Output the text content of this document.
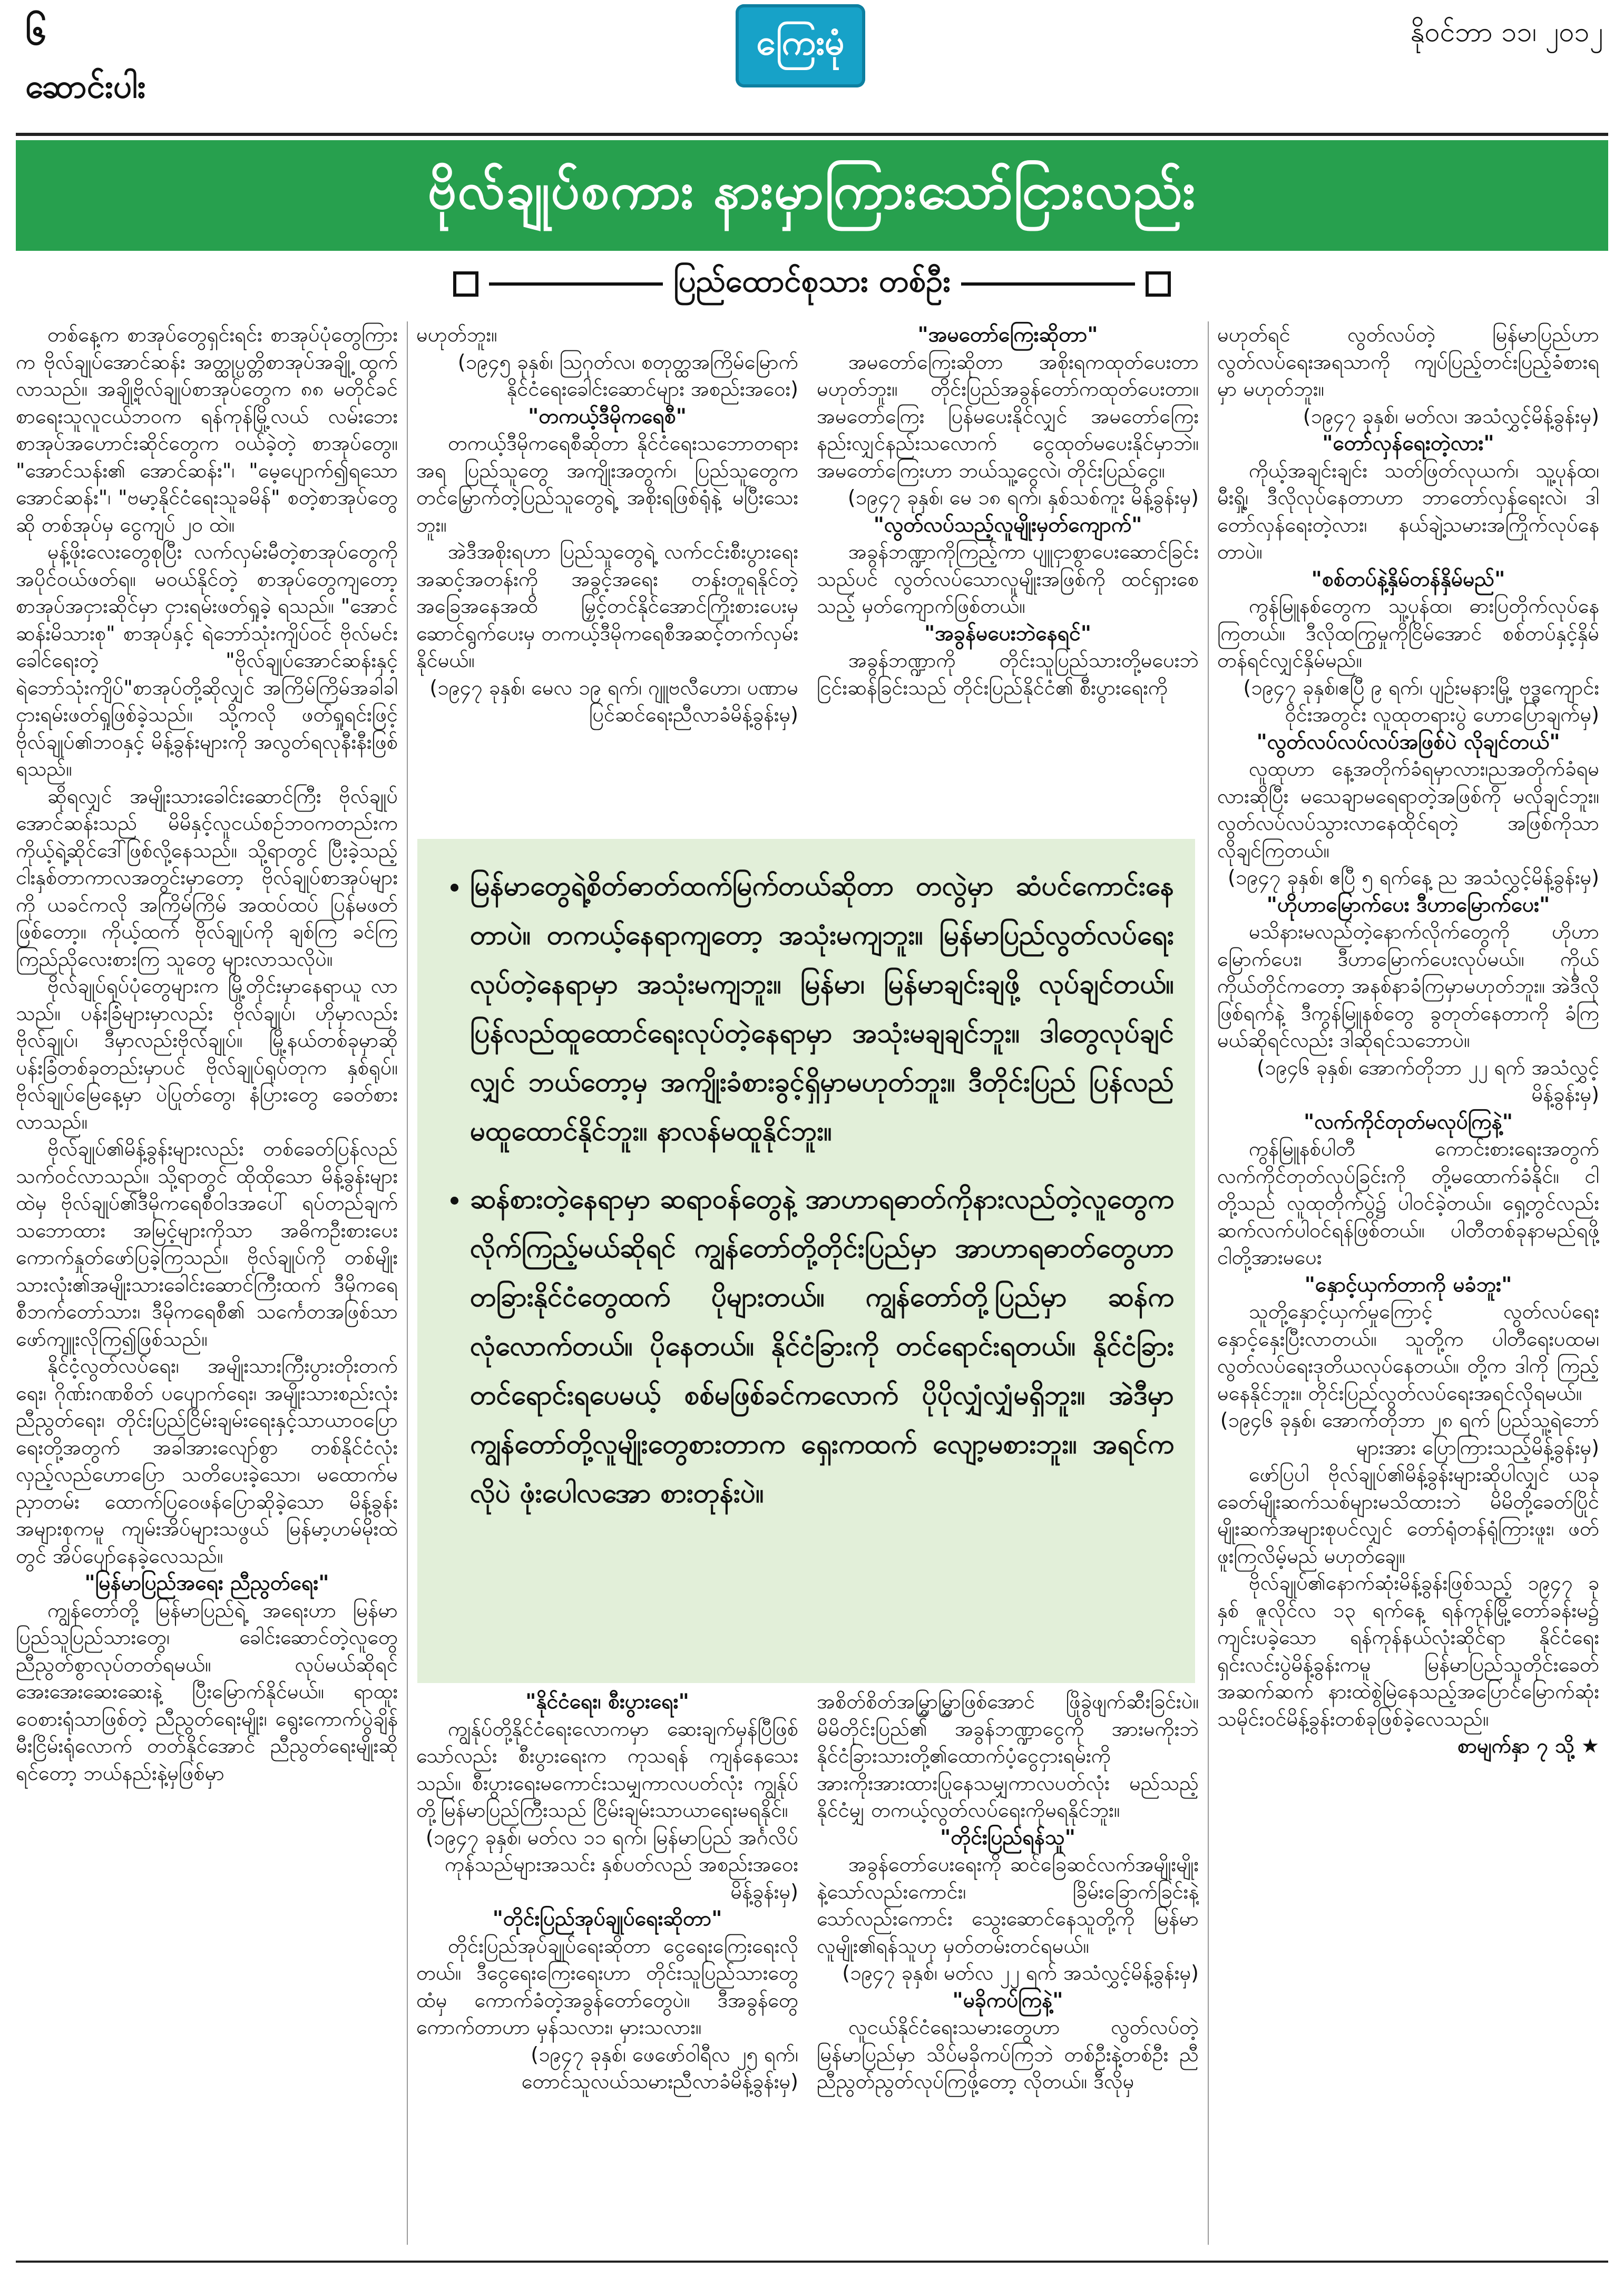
၆
ဆောင်းပါး
ကြေးမုံ	နိုဝင်ဘာ ၁၁၊ ၂၀၁၂
ဗိုလ်ချုပ်စကား နားမှာကြားသော်ငြားလည်း
ပြည်ထောင်စုသား တစ်ဦး

တစ်နေ့က စာအုပ်တွေရှင်းရင်း စာအုပ်ပုံတွေကြားက ဗိုလ်ချုပ်အောင်ဆန်း အတ္ထုပ္ပတ္တိစာအုပ်အချို့ ထွက်လာသည်။ အချို့ဗိုလ်ချုပ်စာအုပ်တွေက ၈၈ မတိုင်ခင် စာရေးသူလူငယ်ဘဝက ရန်ကုန်မြို့လယ် လမ်းဘေးစာအုပ်အဟောင်းဆိုင်တွေက ဝယ်ခဲ့တဲ့ စာအုပ်တွေ။ "အောင်သန်း၏ အောင်ဆန်း"၊ "မေ့ပျောက်၍ရသောအောင်ဆန်း"၊ "ဗမာ့နိုင်ငံရေးသူခမိန်" စတဲ့စာအုပ်တွေဆို တစ်အုပ်မှ ငွေကျပ် ၂၀ ထဲ။

မုန့်ဖိုးလေးတွေစုပြီး လက်လှမ်းမီတဲ့စာအုပ်တွေကို အပိုင်ဝယ်ဖတ်ရ။ မဝယ်နိုင်တဲ့ စာအုပ်တွေကျတော့ စာအုပ်အငှားဆိုင်မှာ ငှားရမ်းဖတ်ရှုခဲ့ ရသည်။ "အောင်ဆန်းမိသားစု" စာအုပ်နှင့် ရဲဘော်သုံးကျိပ်ဝင် ဗိုလ်မင်းခေါင်ရေးတဲ့ "ဗိုလ်ချုပ်အောင်ဆန်းနှင့် ရဲဘော်သုံးကျိပ်"စာအုပ်တို့ဆိုလျှင် အကြိမ်ကြိမ်အခါခါ ငှားရမ်းဖတ်ရှုဖြစ်ခဲ့သည်။ သို့ကလို ဖတ်ရှုရင်းဖြင့် ဗိုလ်ချုပ်၏ဘဝနှင့် မိန့်ခွန်းများကို အလွတ်ရလုနီးနီးဖြစ်ရသည်။

ဆိုရလျှင် အမျိုးသားခေါင်းဆောင်ကြီး ဗိုလ်ချုပ်အောင်ဆန်းသည် မိမိနှင့်လူငယ်စဉ်ဘဝကတည်းက ကိုယ့်ရဲ့ဆိုင်ဒေါ်ဖြစ်လို့နေသည်။ သို့ရာတွင် ပြီးခဲ့သည့် ငါးနှစ်တာကာလအတွင်းမှာတော့ ဗိုလ်ချုပ်စာအုပ်များကို ယခင်ကလို အကြိမ်ကြိမ် အထပ်ထပ် ပြန်မဖတ်ဖြစ်တော့။ ကိုယ့်ထက် ဗိုလ်ချုပ်ကို ချစ်ကြ ခင်ကြ ကြည်ညိုလေးစားကြ သူတွေ များလာသလိုပဲ။

ဗိုလ်ချုပ်ရုပ်ပုံတွေများက မြို့တိုင်းမှာနေရာယူ လာသည်။ ပန်းခြံများမှာလည်း ဗိုလ်ချုပ်၊ ဟိုမှာလည်း ဗိုလ်ချုပ်၊ ဒီမှာလည်းဗိုလ်ချုပ်။ မြို့နယ်တစ်ခုမှာဆို ပန်းခြံတစ်ခုတည်းမှာပင် ဗိုလ်ချုပ်ရုပ်တုက နှစ်ရုပ်။ ဗိုလ်ချုပ်မြေနေ့မှာ ပဲပြုတ်တွေ၊ နံပြားတွေ ခေတ်စားလာသည်။

ဗိုလ်ချုပ်၏မိန့်ခွန်းများလည်း တစ်ခေတ်ပြန်လည်သက်ဝင်လာသည်။ သို့ရာတွင် ထိုထိုသော မိန့်ခွန်းများထဲမှ ဗိုလ်ချုပ်၏ဒီမိုကရေစီဝါဒအပေါ် ရပ်တည်ချက်သဘောထား အမြင့်များကိုသာ အဓိကဦးစားပေး ကောက်နှုတ်ဖော်ပြခဲ့ကြသည်။ ဗိုလ်ချုပ်ကို တစ်မျိုးသားလုံး၏အမျိုးသားခေါင်းဆောင်ကြီးထက် ဒီမိုကရေစီဘက်တော်သား၊ ဒီမိုကရေစီ၏ သင်္ကေတအဖြစ်သာ ဖော်ကျူးလိုကြ၍ဖြစ်သည်။

နိုင်ငံ့လွတ်လပ်ရေး၊ အမျိုးသားကြီးပွားတိုးတက်ရေး၊ ဂိုဏ်းဂဏစိတ် ပပျောက်ရေး၊ အမျိုးသားစည်းလုံးညီညွတ်ရေး၊ တိုင်းပြည်ငြိမ်းချမ်းရေးနှင့်သာယာဝပြောရေးတို့အတွက် အခါအားလျော်စွာ တစ်နိုင်ငံလုံးလှည့်လည်ဟောပြော သတိပေးခဲ့သော၊ မထောက်မညှာတမ်း ထောက်ပြဝေဖန်ပြောဆိုခဲ့သော မိန့်ခွန်းအများစုကမူ ကျမ်းအိပ်များသဖွယ် မြန်မာ့ဟမ်မိုးထဲတွင် အိပ်ပျော်နေခဲ့လေသည်။

"မြန်မာပြည်အရေး ညီညွတ်ရေး"

ကျွန်တော်တို့ မြန်မာပြည်ရဲ့ အရေးဟာ မြန်မာပြည်သူပြည်သားတွေ၊ ခေါင်းဆောင်တဲ့လူတွေ ညီညွတ်စွာလုပ်တတ်ရမယ်။ လုပ်မယ်ဆိုရင် အေးအေးဆေးဆေးနဲ့ ပြီးမြောက်နိုင်မယ်။ ရာထူးဝေစားရုံသာဖြစ်တဲ့ ညီညွတ်ရေးမျိုး၊ ရွေးကောက်ပွဲချိန် မီးငြိမ်းရုံလောက် တတ်နိုင်အောင် ညီညွတ်ရေးမျိုးဆိုရင်တော့ ဘယ်နည်းနဲ့မှဖြစ်မှာ

မဟုတ်ဘူး။

(၁၉၄၅ ခုနှစ်၊ ဩဂုတ်လ၊ စတုတ္ထအကြိမ်မြောက် နိုင်ငံရေးခေါင်းဆောင်များ အစည်းအဝေး)

"တကယ့်ဒီမိုကရေစီ"

တကယ့်ဒီမိုကရေစီဆိုတာ နိုင်ငံရေးသဘောတရားအရ ပြည်သူတွေ အကျိုးအတွက်၊ ပြည်သူတွေက တင်မြှောက်တဲ့ပြည်သူတွေရဲ့ အစိုးရဖြစ်ရုံနဲ့ မပြီးသေးဘူး။

အဲဒီအစိုးရဟာ ပြည်သူတွေရဲ့ လက်ငင်းစီးပွားရေးအဆင့်အတန်းကို အခွင့်အရေး တန်းတူရနိုင်တဲ့ အခြေအနေအထိ မြှင့်တင်နိုင်အောင်ကြိုးစားပေးမှ ဆောင်ရွက်ပေးမှ တကယ့်ဒီမိုကရေစီအဆင့်တက်လှမ်းနိုင်မယ်။

(၁၉၄၇ ခုနှစ်၊ မေလ ၁၉ ရက်၊ ဂျူဗလီဟော၊ ပဏာမပြင်ဆင်ရေးညီလာခံမိန့်ခွန်းမှ)

"အမတော်ကြေးဆိုတာ"

အမတော်ကြေးဆိုတာ အစိုးရကထုတ်ပေးတာ မဟုတ်ဘူး။ တိုင်းပြည်အခွန်တော်ကထုတ်ပေးတာ။ အမတော်ကြေး ပြန်မပေးနိုင်လျှင် အမတော်ကြေး နည်းလျှင်နည်းသလောက် ငွေထုတ်မပေးနိုင်မှာဘဲ။ အမတော်ကြေးဟာ ဘယ်သူ့ငွေလဲ၊ တိုင်းပြည်ငွေ။

(၁၉၄၇ ခုနှစ်၊ မေ ၁၈ ရက်၊ နှစ်သစ်ကူး မိန့်ခွန်းမှ)

"လွတ်လပ်သည့်လူမျိုးမှတ်ကျောက်"

အခွန်ဘဏ္ဍာကိုကြည့်ကာ ပျူငှာစွာပေးဆောင်ခြင်းသည်ပင် လွတ်လပ်သောလူမျိုးအဖြစ်ကို ထင်ရှားစေသည့် မှတ်ကျောက်ဖြစ်တယ်။

"အခွန်မပေးဘဲနေရင်"

အခွန်ဘဏ္ဍာကို တိုင်းသူပြည်သားတို့မပေးဘဲ ငြင်းဆန်ခြင်းသည် တိုင်းပြည်နိုင်ငံ၏ စီးပွားရေးကို

• မြန်မာတွေရဲ့စိတ်ဓာတ်ထက်မြက်တယ်ဆိုတာ တလွဲမှာ ဆံပင်ကောင်းနေတာပဲ။ တကယ့်နေရာကျတော့ အသုံးမကျဘူး။ မြန်မာပြည်လွတ်လပ်ရေး လုပ်တဲ့နေရာမှာ အသုံးမကျဘူး။ မြန်မာ၊ မြန်မာချင်းချဖို့ လုပ်ချင်တယ်။ ပြန်လည်ထူထောင်ရေးလုပ်တဲ့နေရာမှာ အသုံးမချချင်ဘူး။ ဒါတွေလုပ်ချင်လျှင် ဘယ်တော့မှ အကျိုးခံစားခွင့်ရှိမှာမဟုတ်ဘူး။ ဒီတိုင်းပြည် ပြန်လည်မထူထောင်နိုင်ဘူး။ နာလန်မထူနိုင်ဘူး။
• ဆန်စားတဲ့နေရာမှာ ဆရာဝန်တွေနဲ့ အာဟာရဓာတ်ကိုနားလည်တဲ့လူတွေက လိုက်ကြည့်မယ်ဆိုရင် ကျွန်တော်တို့တိုင်းပြည်မှာ အာဟာရဓာတ်တွေဟာ တခြားနိုင်ငံတွေထက် ပိုများတယ်။ ကျွန်တော်တို့ပြည်မှာ ဆန်က လုံလောက်တယ်။ ပိုနေတယ်။ နိုင်ငံခြားကို တင်ရောင်းရတယ်။ နိုင်ငံခြားတင်ရောင်းရပေမယ့် စစ်မဖြစ်ခင်ကလောက် ပိုပိုလျှံလျှံမရှိဘူး။ အဲဒီမှာ ကျွန်တော်တို့လူမျိုးတွေစားတာက ရှေးကထက် လျော့မစားဘူး။ အရင်ကလိုပဲ ဖုံးပေါလအော စားတုန်းပဲ။
"နိုင်ငံရေး၊ စီးပွားရေး"

ကျွန်ုပ်တို့နိုင်ငံရေးလောကမှာ ဆေးချက်မှန်ပြီဖြစ်သော်လည်း စီးပွားရေးက ကုသရန် ကျန်နေသေးသည်။ စီးပွားရေးမကောင်းသမျှကာလပတ်လုံး ကျွန်ုပ်တို့မြန်မာပြည်ကြီးသည် ငြိမ်းချမ်းသာယာရေးမရနိုင်။

(၁၉၄၇ ခုနှစ်၊ မတ်လ ၁၁ ရက်၊ မြန်မာပြည် အင်္ဂလိပ်ကုန်သည်များအသင်း နှစ်ပတ်လည် အစည်းအဝေး မိန့်ခွန်းမှ)

"တိုင်းပြည်အုပ်ချုပ်ရေးဆိုတာ"

တိုင်းပြည်အုပ်ချုပ်ရေးဆိုတာ ငွေရေးကြေးရေးလိုတယ်။ ဒီငွေရေးကြေးရေးဟာ တိုင်းသူပြည်သားတွေထံမှ ကောက်ခံတဲ့အခွန်တော်တွေပဲ။ ဒီအခွန်တွေကောက်တာဟာ မှန်သလား၊ မှားသလား။

(၁၉၄၇ ခုနှစ်၊ ဖေဖော်ဝါရီလ ၂၅ ရက်၊တောင်သူလယ်သမားညီလာခံမိန့်ခွန်းမှ)

အစိတ်စိတ်အမြွှာမြွှာဖြစ်အောင် ဖြိုခွဲဖျက်ဆီးခြင်းပဲ။ မိမိတိုင်းပြည်၏ အခွန်ဘဏ္ဍာငွေကို အားမကိုးဘဲ နိုင်ငံခြားသားတို့၏ထောက်ပံ့ငွေငှားရမ်းကို အားကိုးအားထားပြုနေသမျှကာလပတ်လုံး မည်သည့်နိုင်ငံမျှ တကယ့်လွတ်လပ်ရေးကိုမရနိုင်ဘူး။

"တိုင်းပြည်ရန်သူ"

အခွန်တော်ပေးရေးကို ဆင်ခြေဆင်လက်အမျိုးမျိုးနဲ့သော်လည်းကောင်း၊ ခြိမ်းခြောက်ခြင်းနဲ့သော်လည်းကောင်း သွေးဆောင်နေသူတို့ကို မြန်မာလူမျိုး၏ရန်သူဟု မှတ်တမ်းတင်ရမယ်။

(၁၉၄၇ ခုနှစ်၊ မတ်လ ၂၂ ရက် အသံလွှင့်မိန့်ခွန်းမှ)

"မခိုကပ်ကြနဲ့"

လူငယ်နိုင်ငံရေးသမားတွေဟာ လွတ်လပ်တဲ့ မြန်မာပြည်မှာ သိပ်မခိုကပ်ကြဘဲ တစ်ဦးနဲ့တစ်ဦး ညီညီညွတ်ညွတ်လုပ်ကြဖို့တော့ လိုတယ်။ ဒီလိုမှ

မဟုတ်ရင် လွတ်လပ်တဲ့ မြန်မာပြည်ဟာ လွတ်လပ်ရေးအရသာကို ကျပ်ပြည့်တင်းပြည့်ခံစားရမှာ မဟုတ်ဘူး။

(၁၉၄၇ ခုနှစ်၊ မတ်လ၊ အသံလွှင့်မိန့်ခွန်းမှ)

"တော်လှန်ရေးတဲ့လား"

ကိုယ့်အချင်းချင်း သတ်ဖြတ်လုယက်၊ သူ့ပုန်ထ၊ မီးရှို့၊ ဒီလိုလုပ်နေတာဟာ ဘာတော်လှန်ရေးလဲ၊ ဒါတော်လှန်ရေးတဲ့လား၊ နယ်ချဲ့သမားအကြိုက်လုပ်နေတာပဲ။

"စစ်တပ်နဲ့နှိမ်တန်နှိမ်မည်"

ကွန်မြူနစ်တွေက သူ့ပုန်ထ၊ ဓားပြတိုက်လုပ်နေကြတယ်။ ဒီလိုထကြွမှုကိုငြိမ်အောင် စစ်တပ်နှင့်နှိမ်တန်ရင်လျှင်နှိမ်မည်။

(၁၉၄၇ ခုနှစ်၊ဧပြီ ၉ ရက်၊ ပျဉ်းမနားမြို့ ဗုဒ္ဓကျောင်းဝိုင်းအတွင်း လူထုတရားပွဲ ဟောပြောချက်မှ)

"လွတ်လပ်လပ်လပ်အဖြစ်ပဲ လိုချင်တယ်"

လူထုဟာ နေ့အတိုက်ခံရမှာလား၊ညအတိုက်ခံရမလားဆိုပြီး မသေချာမရေရာတဲ့အဖြစ်ကို မလိုချင်ဘူး။ လွတ်လပ်လပ်သွားလာနေထိုင်ရတဲ့ အဖြစ်ကိုသာ လိုချင်ကြတယ်။

(၁၉၄၇ ခုနှစ်၊ ဧပြီ ၅ ရက်နေ့ ည အသံလွှင့်မိန့်ခွန်းမှ)

"ဟိုဟာမြောက်ပေး ဒီဟာမြောက်ပေး"

မသိနားမလည်တဲ့နောက်လိုက်တွေကို ဟိုဟာမြောက်ပေး၊ ဒီဟာမြောက်ပေးလုပ်မယ်။ ကိုယ်ကိုယ်တိုင်ကတော့ အနစ်နာခံကြမှာမဟုတ်ဘူး။ အဲဒီလိုဖြစ်ရက်နဲ့ ဒီကွန်မြူနစ်တွေ ခွတုတ်နေတာကို ခံကြမယ်ဆိုရင်လည်း ဒါဆိုရင်သဘောပဲ။

(၁၉၄၆ ခုနှစ်၊ အောက်တိုဘာ ၂၂ ရက် အသံလွှင့်မိန့်ခွန်းမှ)

"လက်ကိုင်တုတ်မလုပ်ကြနဲ့"

ကွန်မြူနစ်ပါတီ ကောင်းစားရေးအတွက် လက်ကိုင်တုတ်လုပ်ခြင်းကို တို့မထောက်ခံနိုင်။ ငါတို့သည် လူထုတိုက်ပွဲ၌ ပါဝင်ခဲ့တယ်။ ရှေ့တွင်လည်း ဆက်လက်ပါဝင်ရန်ဖြစ်တယ်။ ပါတီတစ်ခုနာမည်ရဖို့ ငါတို့အားမပေး

"နှောင့်ယှက်တာကို မခံဘူး"

သူတို့နှောင့်ယှက်မှုကြောင့် လွတ်လပ်ရေးနှောင့်နှေးပြီးလာတယ်။ သူတို့က ပါတီရေးပထမ၊ လွတ်လပ်ရေးဒုတိယလုပ်နေတယ်။ တို့က ဒါကို ကြည့်မနေနိုင်ဘူး။ တိုင်းပြည်လွတ်လပ်ရေးအရင်လိုရမယ်။

(၁၉၄၆ ခုနှစ်၊ အောက်တိုဘာ ၂၈ ရက် ပြည်သူ့ရဲဘော်များအား ပြောကြားသည့်မိန့်ခွန်းမှ)

ဖော်ပြပါ ဗိုလ်ချုပ်၏မိန့်ခွန်းများဆိုပါလျှင် ယခုခေတ်မျိုးဆက်သစ်များမသိထားဘဲ မိမိတို့ခေတ်ပြိုင် မျိုးဆက်အများစုပင်လျှင် တော်ရုံတန်ရုံကြားဖူး၊ ဖတ်ဖူးကြလိမ့်မည် မဟုတ်ချေ။

ဗိုလ်ချုပ်၏နောက်ဆုံးမိန့်ခွန်းဖြစ်သည့် ၁၉၄၇ ခုနှစ် ဇူလိုင်လ ၁၃ ရက်နေ့ ရန်ကုန်မြို့တော်ခန်းမ၌ ကျင်းပခဲ့သော ရန်ကုန်နယ်လုံးဆိုင်ရာ နိုင်ငံရေးရှင်းလင်းပွဲမိန့်ခွန်းကမူ မြန်မာပြည်သူတိုင်းခေတ်အဆက်ဆက် နားထဲစွဲမြဲနေသည့်အပြောင်မြောက်ဆုံး သမိုင်းဝင်မိန့်ခွန်းတစ်ခုဖြစ်ခဲ့လေသည်။

စာမျက်နှာ ၇ သို့ ★
